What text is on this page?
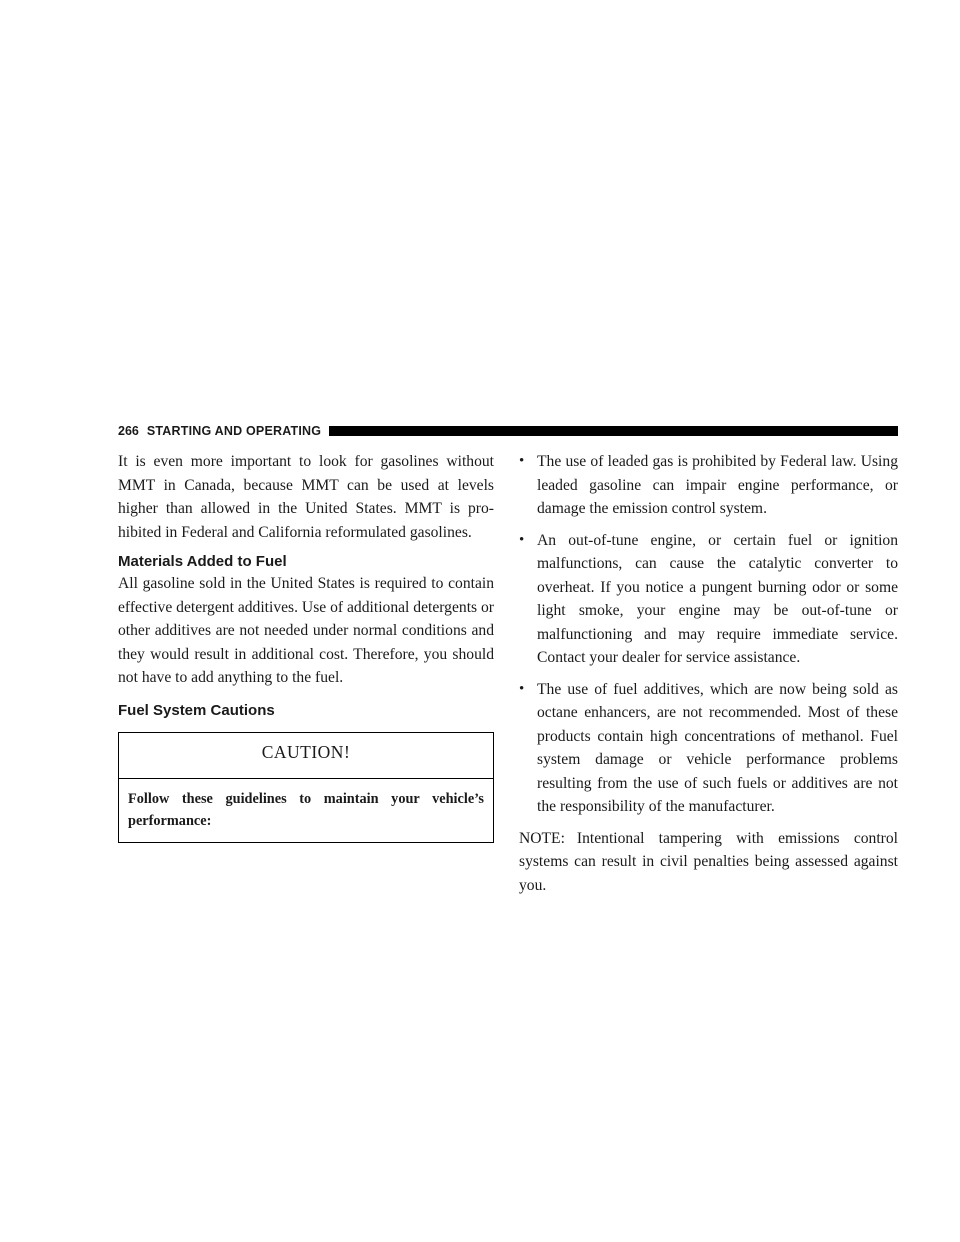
266 STARTING AND OPERATING

It is even more important to look for gasolines without MMT in Canada, because MMT can be used at levels higher than allowed in the United States. MMT is pro-hibited in Federal and California reformulated gasolines.

Materials Added to Fuel

All gasoline sold in the United States is required to contain effective detergent additives. Use of additional detergents or other additives are not needed under normal conditions and they would result in additional cost. Therefore, you should not have to add anything to the fuel.

Fuel System Cautions
CAUTION!
Follow these guidelines to maintain your vehicle’s performance:
• The use of leaded gas is prohibited by Federal law. Using leaded gasoline can impair engine performance, or damage the emission control system.
• An out-of-tune engine, or certain fuel or ignition malfunctions, can cause the catalytic converter to overheat. If you notice a pungent burning odor or some light smoke, your engine may be out-of-tune or malfunctioning and may require immediate service. Contact your dealer for service assistance.
• The use of fuel additives, which are now being sold as octane enhancers, are not recommended. Most of these products contain high concentrations of methanol. Fuel system damage or vehicle performance problems resulting from the use of such fuels or additives are not the responsibility of the manufacturer.

NOTE: Intentional tampering with emissions control systems can result in civil penalties being assessed against you.
